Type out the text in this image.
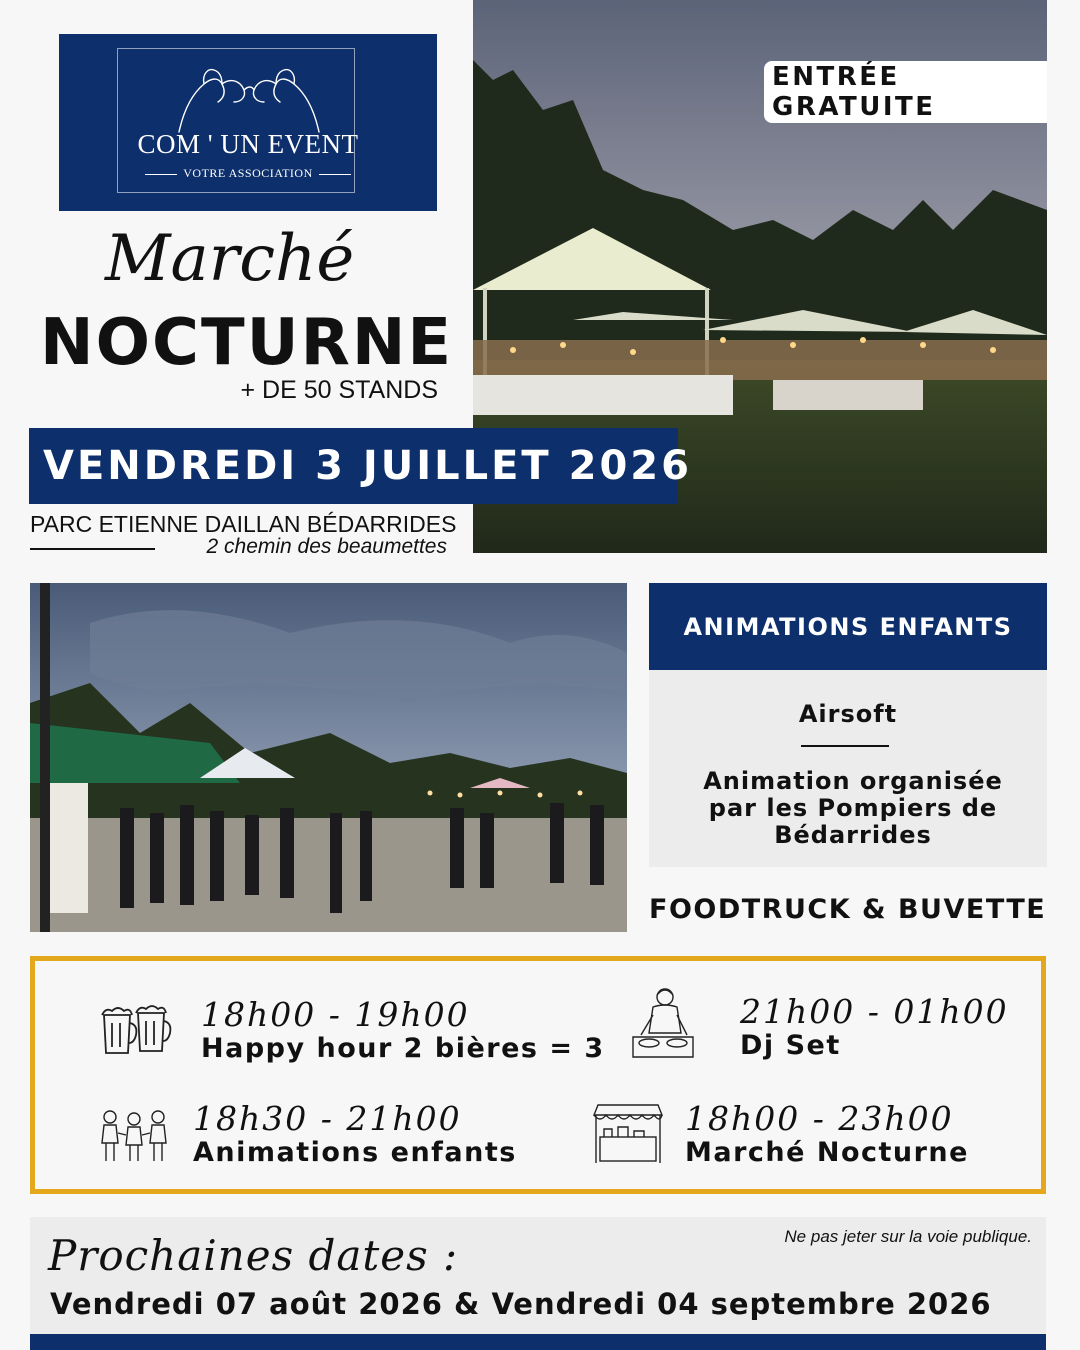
COM ' UN EVENT
VOTRE ASSOCIATION
Marché
NOCTURNE
+ DE 50 STANDS
ENTRÉE GRATUITE
VENDREDI 3 JUILLET 2026
PARC ETIENNE DAILLAN BÉDARRIDES
2 chemin des beaumettes
ANIMATIONS ENFANTS
Airsoft
Animation organisée par les Pompiers de Bédarrides
FOODTRUCK & BUVETTE
18h00 - 19h00
Happy hour 2 bières = 3
21h00 - 01h00
Dj Set
18h30 - 21h00
Animations enfants
18h00 - 23h00
Marché Nocturne
Ne pas jeter sur la voie publique.
Prochaines dates :
Vendredi 07 août 2026 & Vendredi 04 septembre 2026
